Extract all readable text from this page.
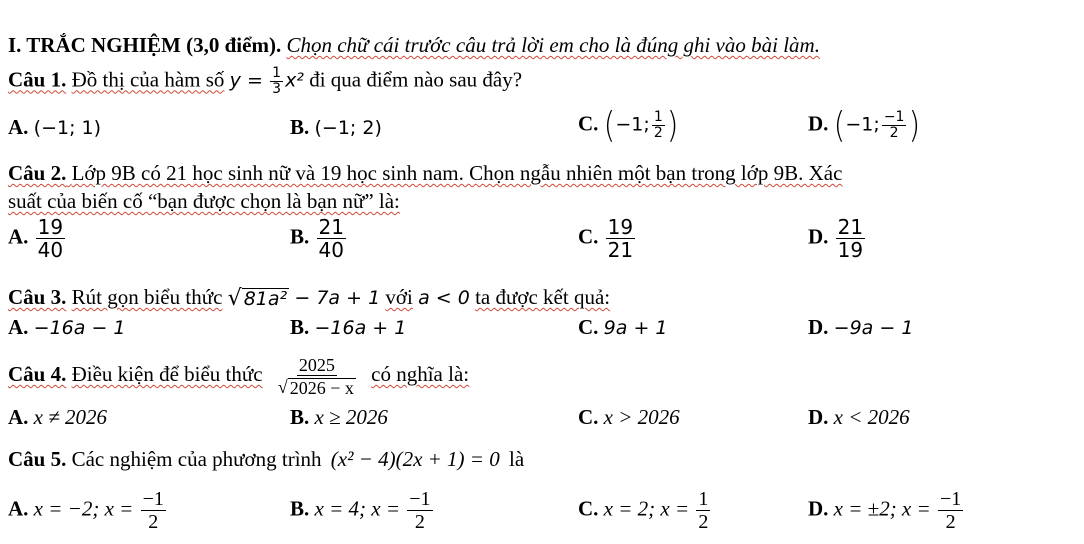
I. TRẮC NGHIỆM (3,0 điểm). Chọn chữ cái trước câu trả lời em cho là đúng ghi vào bài làm.
Câu 1. Đồ thị của hàm số $y = \frac{1}{3} x^2$ đi qua điểm nào sau đây?
A. (−1; 1)	B. (−1; 2)	C. (−1; $\frac{1}{2}$ )	D. (−1; $\frac{-1}{2}$ )
Câu 2. Lớp 9B có 21 học sinh nữ và 19 học sinh nam. Chọn ngẫu nhiên một bạn trong lớp 9B. Xác
suất của biến cố “bạn được chọn là bạn nữ” là:
A. $\frac{19}{40}$	B. $\frac{21}{40}$	C. $\frac{19}{21}$	D. $\frac{21}{19}$
Câu 3. Rút gọn biểu thức √ 81a² − 7a + 1 với a < 0 ta được kết quả:
A. −16a − 1	B. −16a + 1	C. 9a + 1	D. −9a − 1
Câu 4. Điều kiện để biểu thức $\frac{2025}{√ 2026 - x}$ có nghĩa là:
A. x ≠ 2026	B. x ≥ 2026	C. x > 2026	D. x < 2026
Câu 5. Các nghiệm của phương trình (x² − 4)(2x + 1) = 0 là
A. x = −2; $x = \frac{-1}{2}$	B. x = 4; $x = \frac{-1}{2}$	C. x = 2; $x = \frac{1}{2}$	D. x = ±2; $x = \frac{-1}{2}$
